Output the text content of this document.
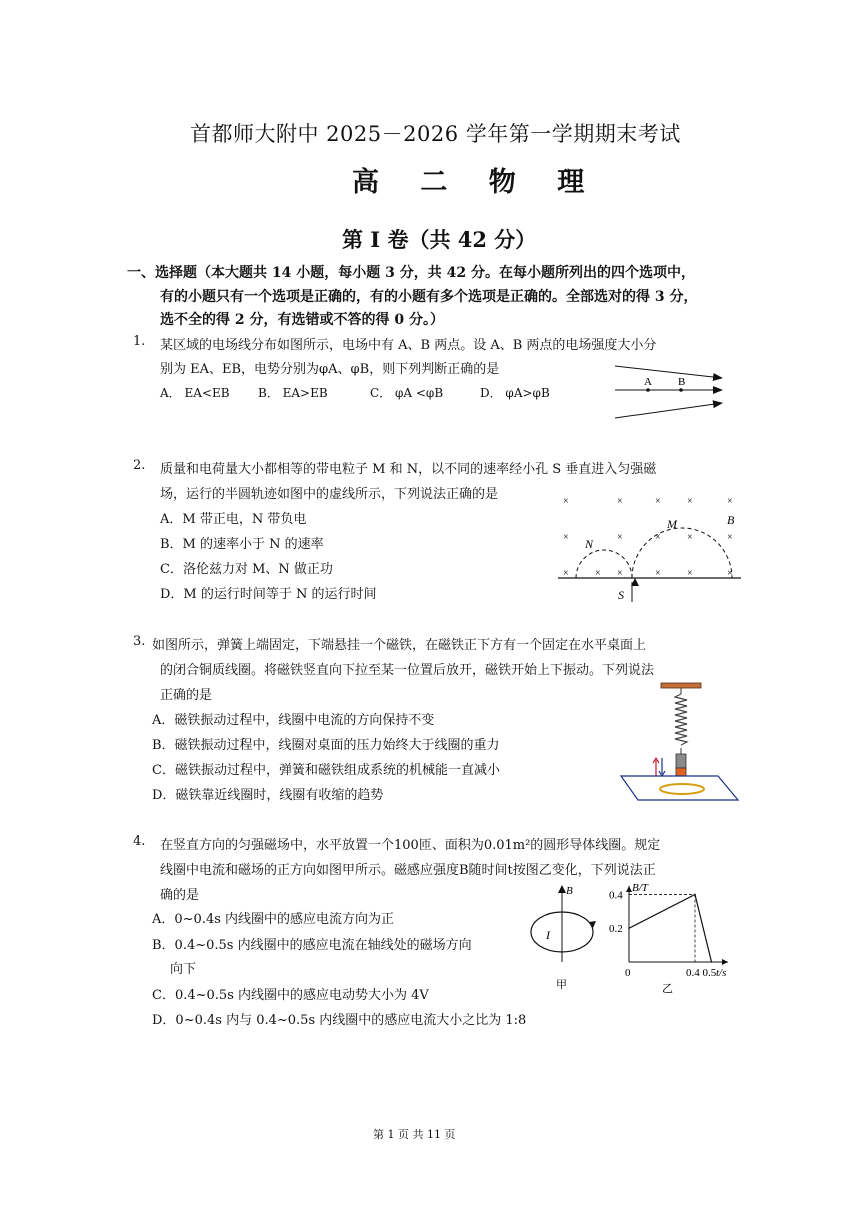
首都师大附中 2025－2026 学年第一学期期末考试
高 二 物 理
第 I 卷（共 42 分）
一、选择题（本大题共 14 小题，每小题 3 分，共 42 分。在每小题所列出的四个选项中，
有的小题只有一个选项是正确的，有的小题有多个选项是正确的。全部选对的得 3 分，
选不全的得 2 分，有选错或不答的得 0 分。）
1. 某区域的电场线分布如图所示，电场中有 A、B 两点。设 A、B 两点的电场强度大小分
别为 EA、EB，电势分别为φA、φB，则下列判断正确的是
A． EA<EB B． EA>EB	C． φA <φB	D． φA>φB
A B
2. 质量和电荷量大小都相等的带电粒子 M 和 N，以不同的速率经小孔 S 垂直进入匀强磁
场，运行的半圆轨迹如图中的虚线所示，下列说法正确的是
A．M 带正电，N 带负电
B．M 的速率小于 N 的速率
C．洛伦兹力对 M、N 做正功
D．M 的运行时间等于 N 的运行时间
×	×	×	×	×
×	×	×	×	×
×	× ×	×	×	×
M
N
B
S
3. 如图所示，弹簧上端固定，下端悬挂一个磁铁，在磁铁正下方有一个固定在水平桌面上
的闭合铜质线圈。将磁铁竖直向下拉至某一位置后放开，磁铁开始上下振动。下列说法
正确的是
A．磁铁振动过程中，线圈中电流的方向保持不变
B．磁铁振动过程中，线圈对桌面的压力始终大于线圈的重力
C．磁铁振动过程中，弹簧和磁铁组成系统的机械能一直减小
D．磁铁靠近线圈时，线圈有收缩的趋势
4. 在竖直方向的匀强磁场中，水平放置一个100匝、面积为0.01m²的圆形导体线圈。规定
线圈中电流和磁场的正方向如图甲所示。磁感应强度B随时间t按图乙变化，下列说法正
确的是
A．0~0.4s 内线圈中的感应电流方向为正
B．0.4~0.5s 内线圈中的感应电流在轴线处的磁场方向
向下
C．0.4~0.5s 内线圈中的感应电动势大小为 4V
D．0~0.4s 内与 0.4~0.5s 内线圈中的感应电流大小之比为 1:8
B
I
甲
B/T
t/s
0	0.4 0.5
0.2
0.4
乙
第 1 页 共 11 页
